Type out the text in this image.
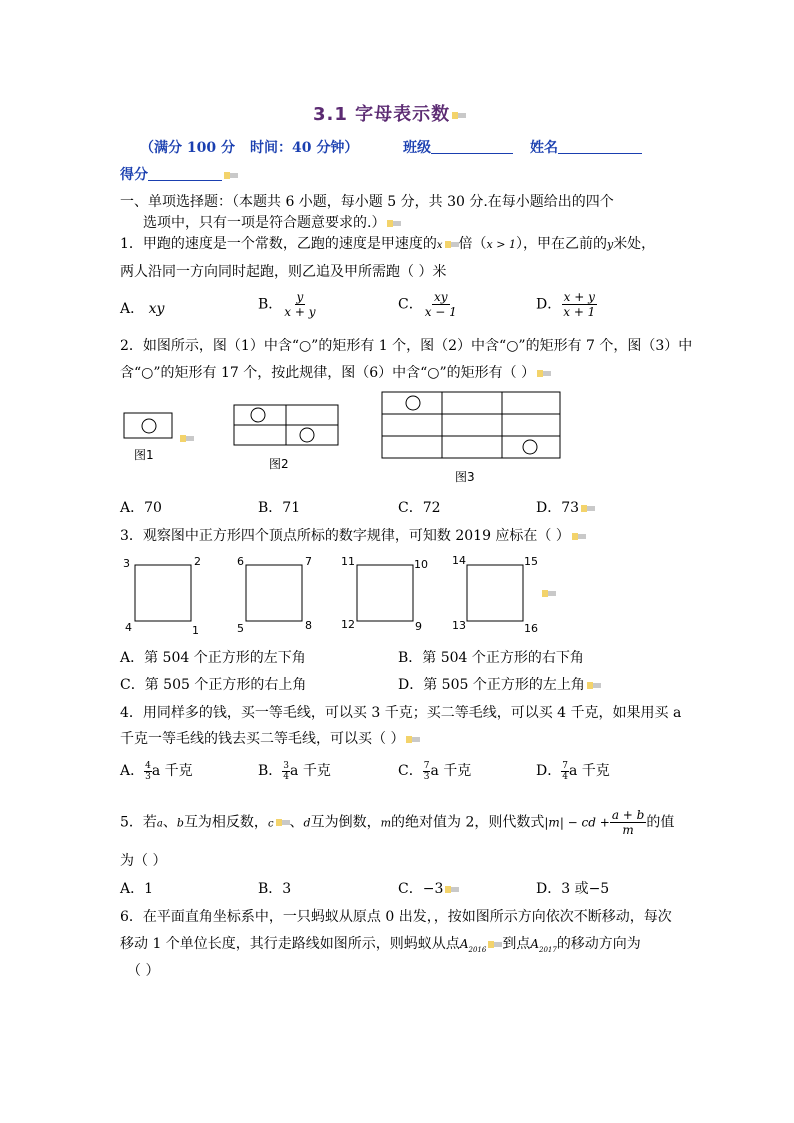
3.1 字母表示数
（满分 100 分 时间：40 分钟）	班级	姓名
得分
一、单项选择题：（本题共 6 小题，每小题 5 分，共 30 分.在每小题给出的四个
选项中，只有一项是符合题意要求的.）
1．甲跑的速度是一个常数，乙跑的速度是甲速度的x 倍（x > 1），甲在乙前的y米处，
两人沿同一方向同时起跑，则乙追及甲所需跑（ ）米
A． xy	B． $\frac{y}{x + y}$	C． $\frac{xy}{x - 1}$	D． $\frac{x + y}{x + 1}$
2．如图所示，图（1）中含“○”的矩形有 1 个，图（2）中含“○”的矩形有 7 个，图（3）中
含“○”的矩形有 17 个，按此规律，图（6）中含“○”的矩形有（ ）
图1
图2
图3
A．70	B．71	C．72	D．73
3．观察图中正方形四个顶点所标的数字规律，可知数 2019 应标在（ ）
3	2
4	1
6	7
5	8
11	10
12	9
14	15
13	16
A．第 504 个正方形的左下角	B．第 504 个正方形的右下角
C．第 505 个正方形的右上角	D．第 505 个正方形的左上角
4．用同样多的钱，买一等毛线，可以买 3 千克；买二等毛线，可以买 4 千克，如果用买 a
千克一等毛线的钱去买二等毛线，可以买（ ）
A． $\frac{4}{3}$ a 千克	B． $\frac{3}{4}$ a 千克	C． $\frac{7}{3}$ a 千克	D． $\frac{7}{4}$ a 千克
5．若a、b互为相反数，c 、d互为倒数，m的绝对值为 2，则代数式|m| − cd + $\frac{a + b}{m}$ 的值
为（ ）
A．1	B．3	C．−3	D．3 或−5
6．在平面直角坐标系中，一只蚂蚁从原点 0 出发，，按如图所示方向依次不断移动，每次
移动 1 个单位长度，其行走路线如图所示，则蚂蚁从点$A_{2016}$ 到点$A_{2017}$的移动方向为
（ ）
